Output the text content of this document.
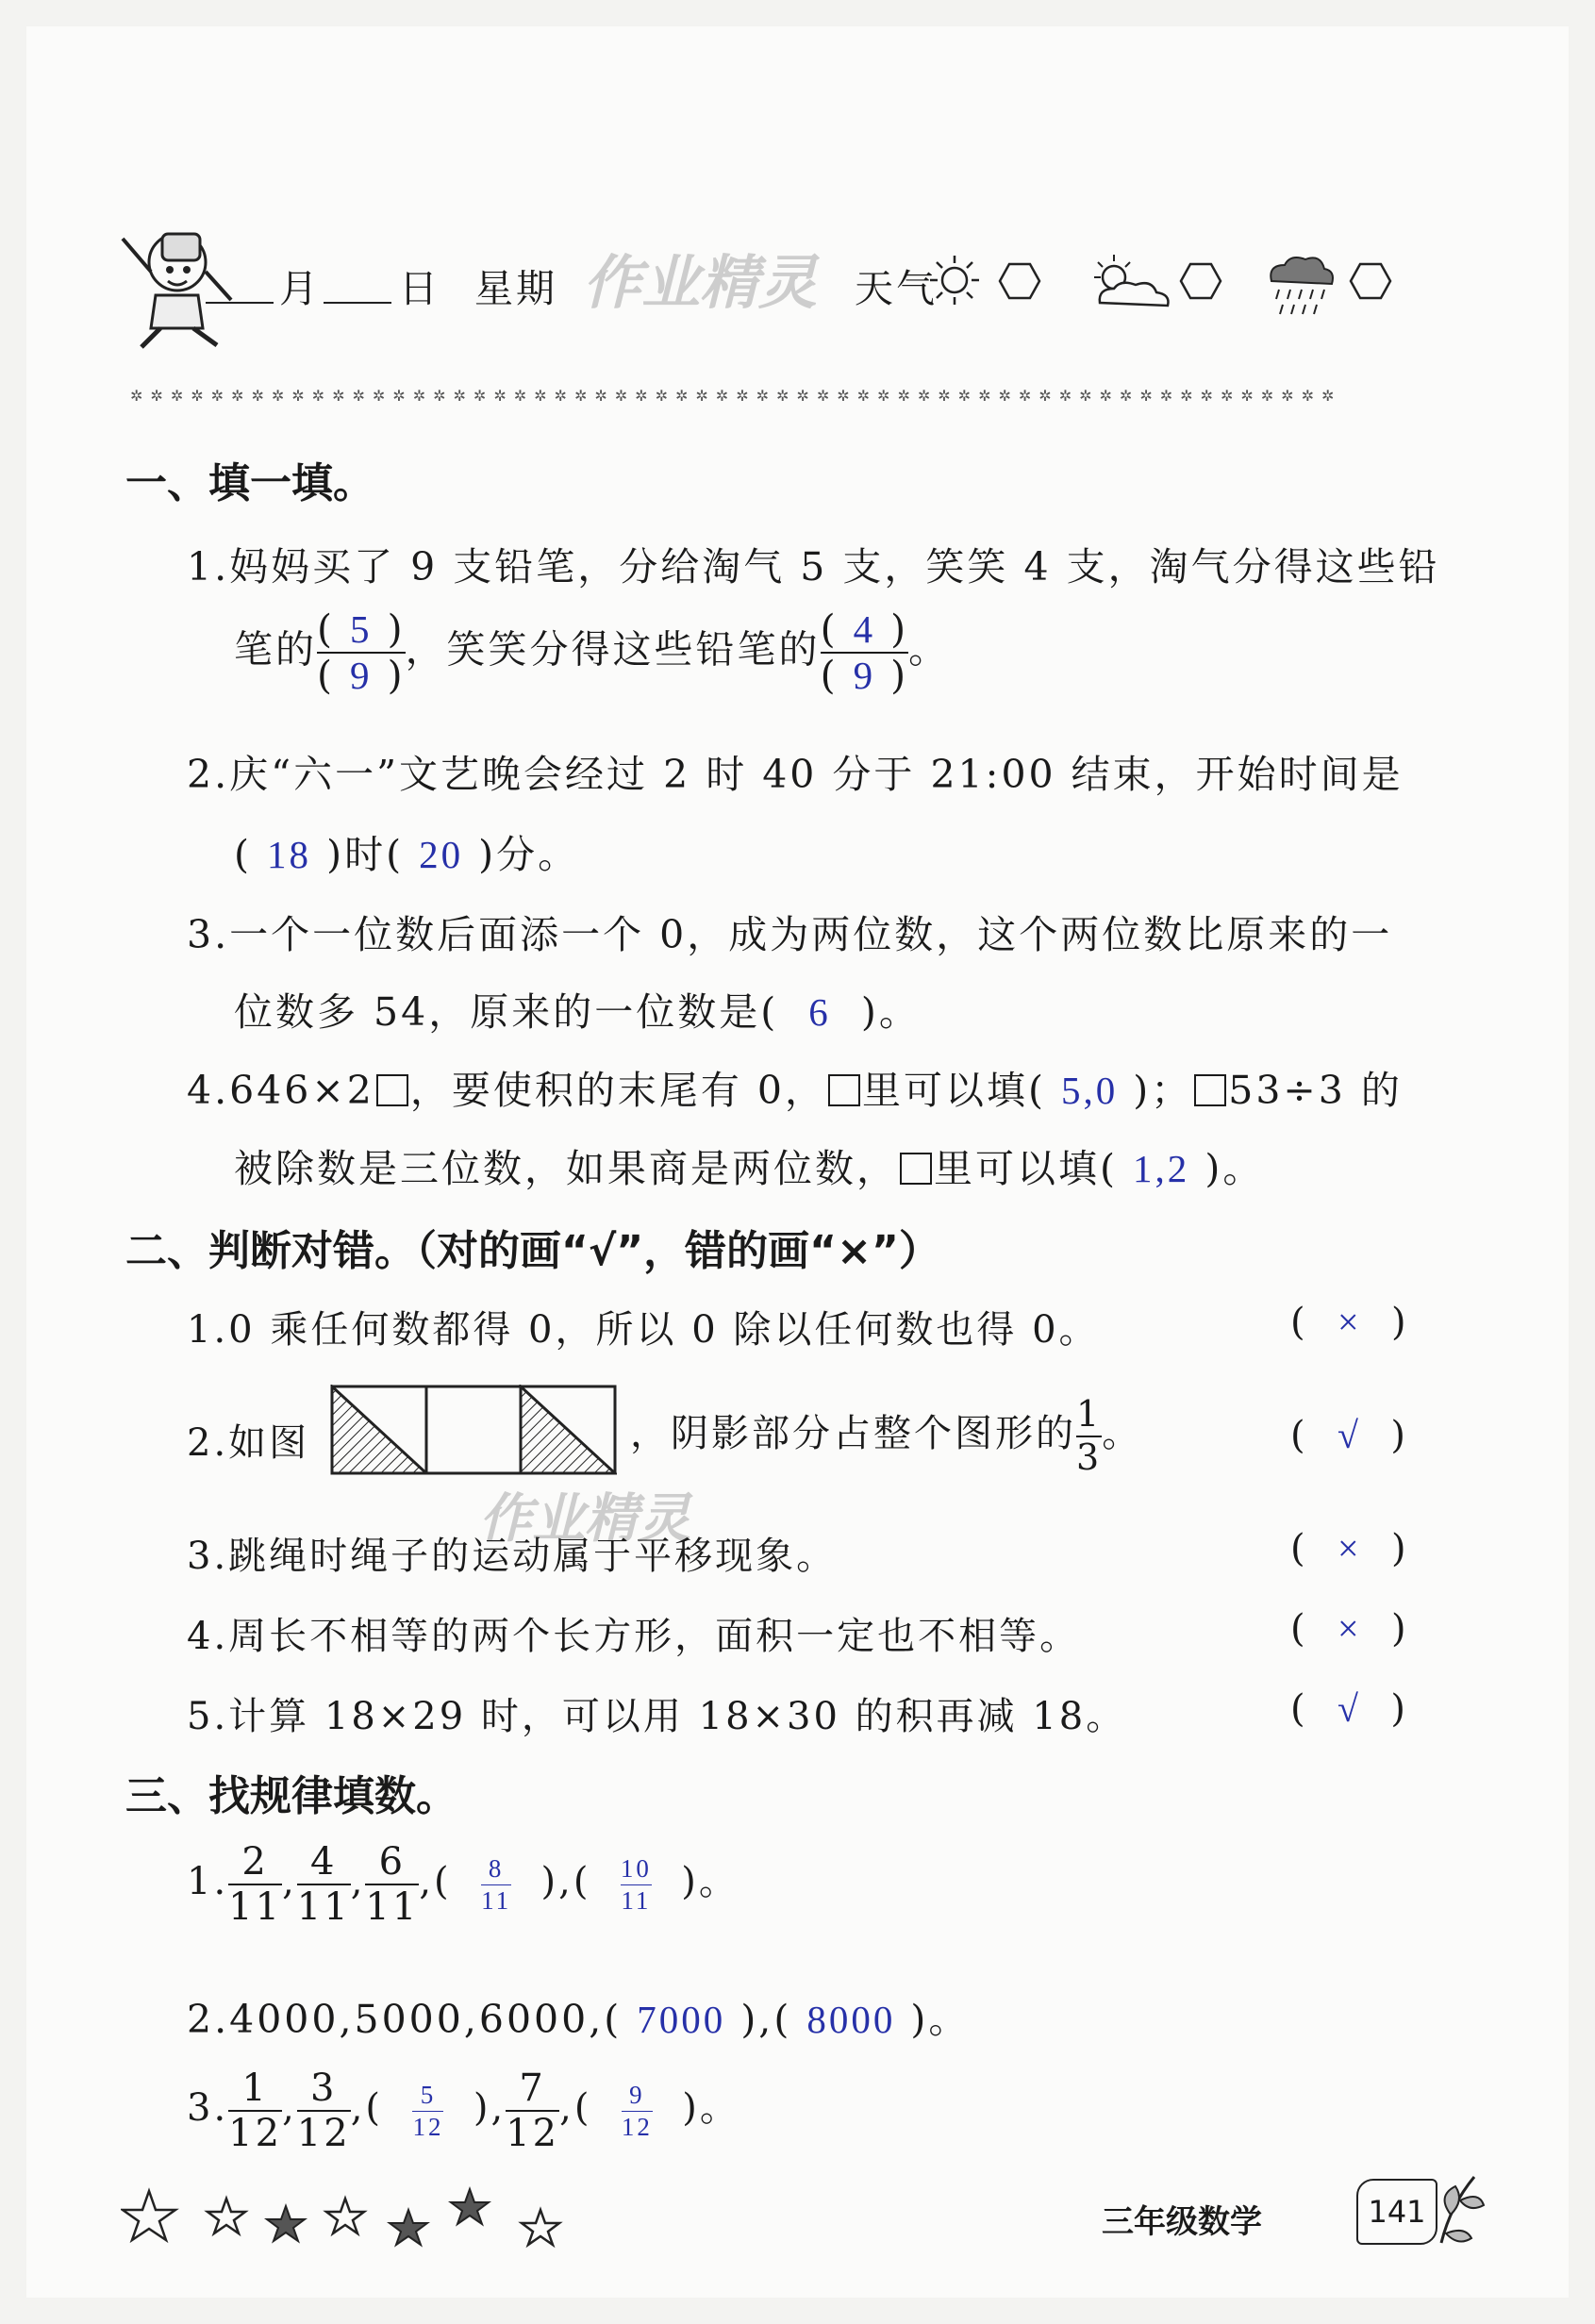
月 日 星期 作业精灵 天气
✲✲✲✲✲✲✲✲✲✲✲✲✲✲✲✲✲✲✲✲✲✲✲✲✲✲✲✲✲✲✲✲✲✲✲✲✲✲✲✲✲✲✲✲✲✲✲✲✲✲✲✲✲✲✲✲✲✲✲✲
一、填一填。
1.妈妈买了 9 支铅笔，分给淘气 5 支，笑笑 4 支，淘气分得这些铅
笔的 $\frac{( 5 )}{( 9 )}$ ，笑笑分得这些铅笔的 $\frac{( 4 )}{( 9 )}$ 。
2.庆“六一”文艺晚会经过 2 时 40 分于 21:00 结束，开始时间是
( 18 )时( 20 )分。
3.一个一位数后面添一个 0，成为两位数，这个两位数比原来的一
位数多 54，原来的一位数是(  6  )。
4.646×2 ，要使积的末尾有 0， 里可以填( 5,0 )； 53÷3 的
被除数是三位数，如果商是两位数， 里可以填( 1,2 )。
二、判断对错。（对的画“√”，错的画“×”）
1.0 乘任何数都得 0，所以 0 除以任何数也得 0。	(  ×  )
2.如图	，阴影部分占整个图形的 $\frac{1}{3}$ 。	(  √  )
作业精灵
3.跳绳时绳子的运动属于平移现象。	(  ×  )
4.周长不相等的两个长方形，面积一定也不相等。	(  ×  )
5.计算 18×29 时，可以用 18×30 的积再减 18。	(  √  )
三、找规律填数。
1. $\frac{2}{11}$ , $\frac{4}{11}$ , $\frac{6}{11}$ ,( $\frac{8}{11}$ ),( $\frac{10}{11}$ )。
2.4000,5000,6000,( 7000 ),( 8000 )。
3. $\frac{1}{12}$ , $\frac{3}{12}$ ,( $\frac{5}{12}$ ), $\frac{7}{12}$ ,( $\frac{9}{12}$ )。
三年级数学	141
